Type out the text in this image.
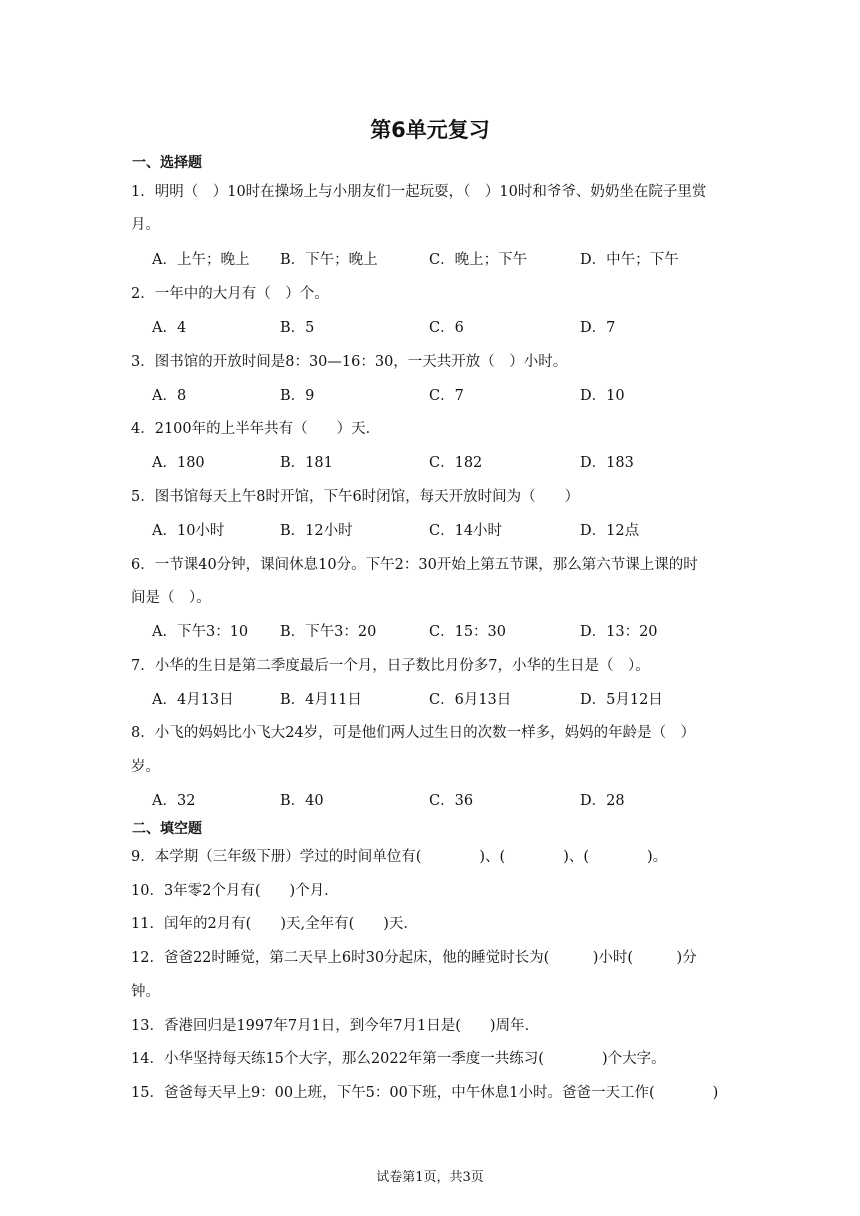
第6单元复习
一、选择题
1．明明（　）10时在操场上与小朋友们一起玩耍，（　）10时和爷爷、奶奶坐在院子里赏
月。
A．上午；晚上 B．下午；晚上	C．晚上；下午	D．中午；下午
2．一年中的大月有（　）个。
A．4	B．5	C．6	D．7
3．图书馆的开放时间是8：30—16：30，一天共开放（　）小时。
A．8	B．9	C．7	D．10
4．2100年的上半年共有（　　）天．
A．180	B．181	C．182	D．183
5．图书馆每天上午8时开馆，下午6时闭馆，每天开放时间为（　　）
A．10小时	B．12小时	C．14小时	D．12点
6．一节课40分钟，课间休息10分。下午2：30开始上第五节课，那么第六节课上课的时
间是（　）。
A．下午3：10 B．下午3：20	C．15：30	D．13：20
7．小华的生日是第二季度最后一个月，日子数比月份多7，小华的生日是（　）。
A．4月13日	B．4月11日	C．6月13日	D．5月12日
8．小飞的妈妈比小飞大24岁，可是他们两人过生日的次数一样多，妈妈的年龄是（　）
岁。
A．32	B．40	C．36	D．28
二、填空题
9．本学期（三年级下册）学过的时间单位有(　　　　)、(　　　　)、(　　　　)。
10．3年零2个月有(　　)个月．
11．闰年的2月有(　　)天,全年有(　　)天．
12．爸爸22时睡觉，第二天早上6时30分起床，他的睡觉时长为(　　　)小时(　　　)分
钟。
13．香港回归是1997年7月1日，到今年7月1日是(　　)周年．
14．小华坚持每天练15个大字，那么2022年第一季度一共练习(　　　　)个大字。
15．爸爸每天早上9：00上班，下午5：00下班，中午休息1小时。爸爸一天工作(　　　　)
试卷第1页，共3页
